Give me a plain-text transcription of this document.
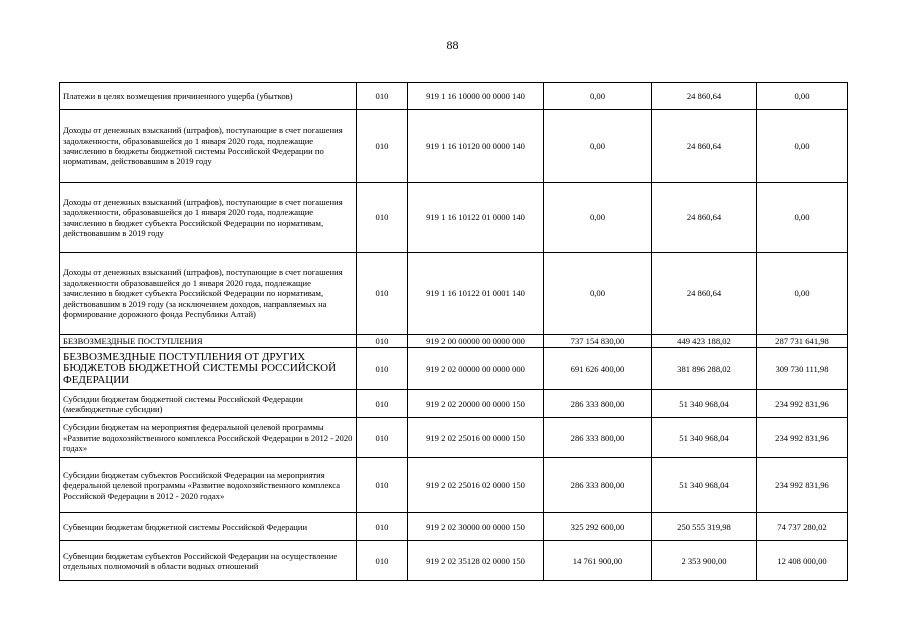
88
Платежи в целях возмещения причиненного ущерба (убытков)	010	919 1 16 10000 00 0000 140	0,00	24 860,64	0,00
Доходы от денежных взысканий (штрафов), поступающие в счет погашения задолженности, образовавшейся до 1 января 2020 года, подлежащие зачислению в бюджеты бюджетной системы Российской Федерации по нормативам, действовавшим в 2019 году	010	919 1 16 10120 00 0000 140	0,00	24 860,64	0,00
Доходы от денежных взысканий (штрафов), поступающие в счет погашения задолженности, образовавшейся до 1 января 2020 года, подлежащие зачислению в бюджет субъекта Российской Федерации по нормативам, действовавшим в 2019 году	010	919 1 16 10122 01 0000 140	0,00	24 860,64	0,00
Доходы от денежных взысканий (штрафов), поступающие в счет погашения задолженности образовавшейся до 1 января 2020 года, подлежащие зачислению в бюджет субъекта Российской Федерации по нормативам, действовавшим в 2019 году (за исключением доходов, направляемых на формирование дорожного фонда Республики Алтай)	010	919 1 16 10122 01 0001 140	0,00	24 860,64	0,00
БЕЗВОЗМЕЗДНЫЕ ПОСТУПЛЕНИЯ	010	919 2 00 00000 00 0000 000	737 154 830,00	449 423 188,02	287 731 641,98
БЕЗВОЗМЕЗДНЫЕ ПОСТУПЛЕНИЯ ОТ ДРУГИХ БЮДЖЕТОВ БЮДЖЕТНОЙ СИСТЕМЫ РОССИЙСКОЙ ФЕДЕРАЦИИ	010	919 2 02 00000 00 0000 000	691 626 400,00	381 896 288,02	309 730 111,98
Субсидии бюджетам бюджетной системы Российской Федерации (межбюджетные субсидии)	010	919 2 02 20000 00 0000 150	286 333 800,00	51 340 968,04	234 992 831,96
Субсидии бюджетам на мероприятия федеральной целевой программы «Развитие водохозяйственного комплекса Российской Федерации в 2012 - 2020 годах»	010	919 2 02 25016 00 0000 150	286 333 800,00	51 340 968,04	234 992 831,96
Субсидии бюджетам субъектов Российской Федерации на мероприятия федеральной целевой программы «Развитие водохозяйственного комплекса Российской Федерации в 2012 - 2020 годах»	010	919 2 02 25016 02 0000 150	286 333 800,00	51 340 968,04	234 992 831,96
Субвенции бюджетам бюджетной системы Российской Федерации	010	919 2 02 30000 00 0000 150	325 292 600,00	250 555 319,98	74 737 280,02
Субвенции бюджетам субъектов Российской Федерации на осуществление отдельных полномочий в области водных отношений	010	919 2 02 35128 02 0000 150	14 761 900,00	2 353 900,00	12 408 000,00
